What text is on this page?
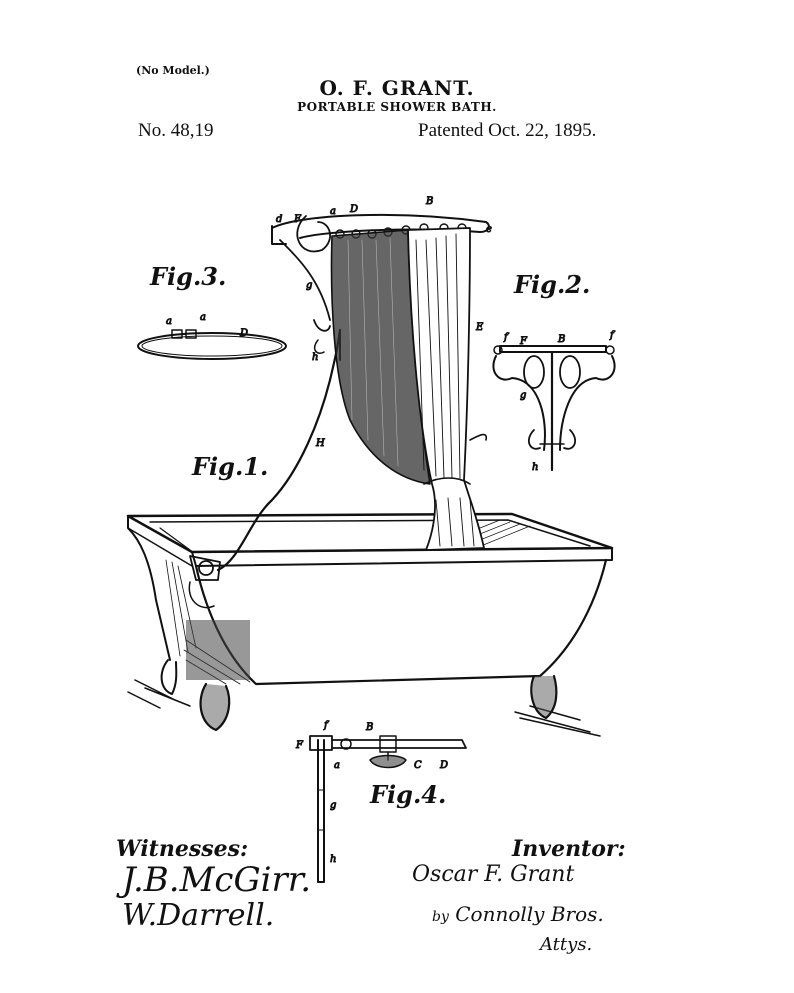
(No Model.)
O. F. GRANT.
PORTABLE SHOWER BATH.
No. 48,19	Patented Oct. 22, 1895.
d F
a D
B
e
g
E
h
H
f F	B	f
g
h
a	a
D
f	B
F
a	C D
g
h
Fig.3.	Fig.2.
Fig.1.
Fig.4.
Witnesses:
J.B.McGirr.
W.Darrell.
Inventor:
Oscar F. Grant
by Connolly Bros.
Attys.
